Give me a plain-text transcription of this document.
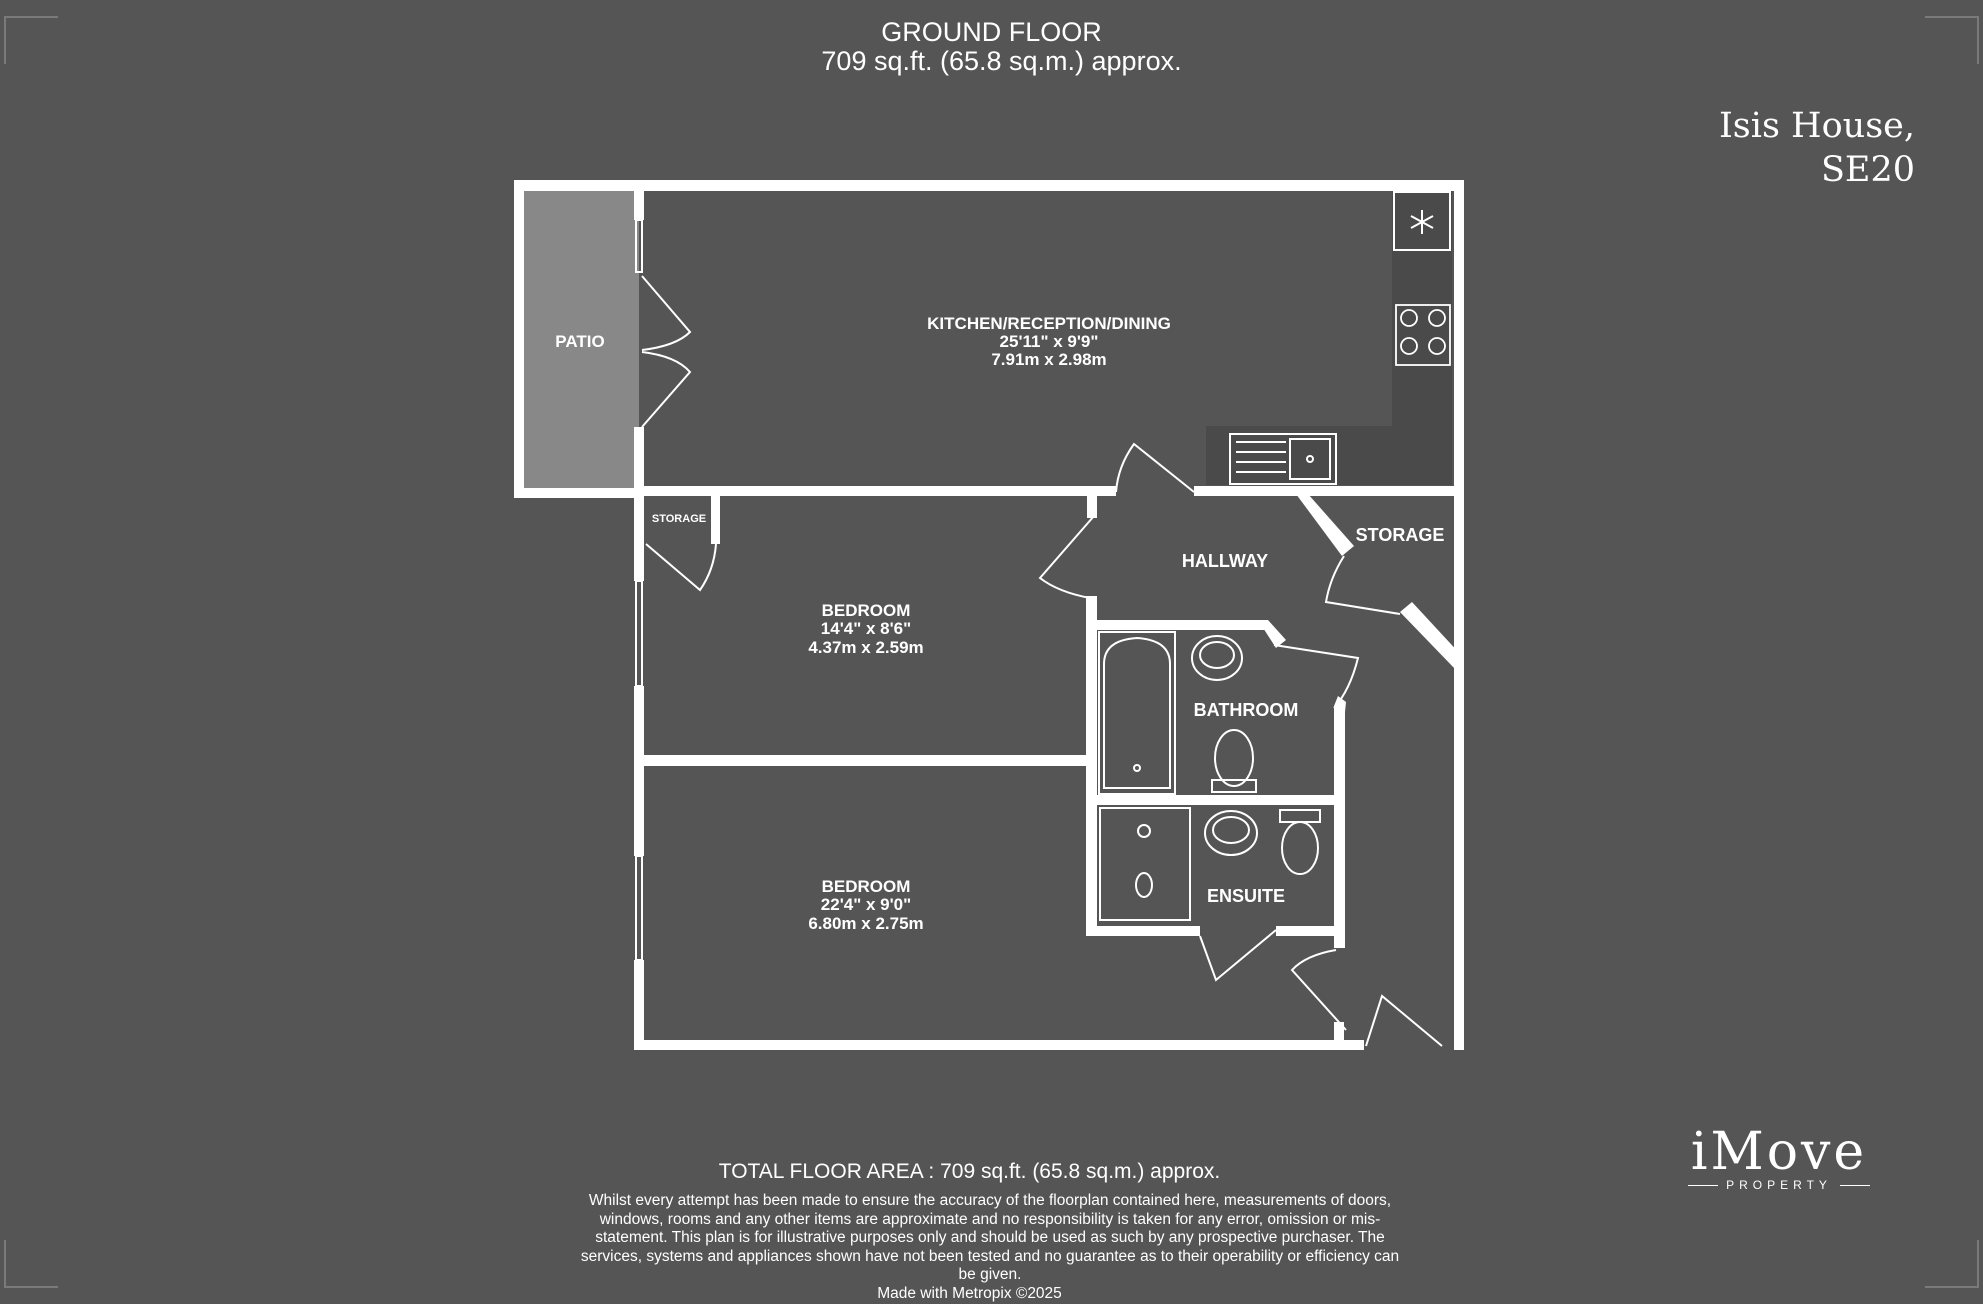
GROUND FLOOR
709 sq.ft. (65.8 sq.m.) approx.
Isis House,
SE20
KITCHEN/RECEPTION/DINING
25'11" x 9'9"
7.91m x 2.98m
PATIO
STORAGE
HALLWAY
STORAGE
BEDROOM
14'4" x 8'6"
4.37m x 2.59m
BATHROOM
BEDROOM
22'4" x 9'0"
6.80m x 2.75m
ENSUITE
TOTAL FLOOR AREA : 709 sq.ft. (65.8 sq.m.) approx.
Whilst every attempt has been made to ensure the accuracy of the floorplan contained here, measurements of doors, windows, rooms and any other items are approximate and no responsibility is taken for any error, omission or mis-statement. This plan is for illustrative purposes only and should be used as such by any prospective purchaser. The services, systems and appliances shown have not been tested and no guarantee as to their operability or efficiency can be given.
Made with Metropix ©2025
iMove
PROPERTY
